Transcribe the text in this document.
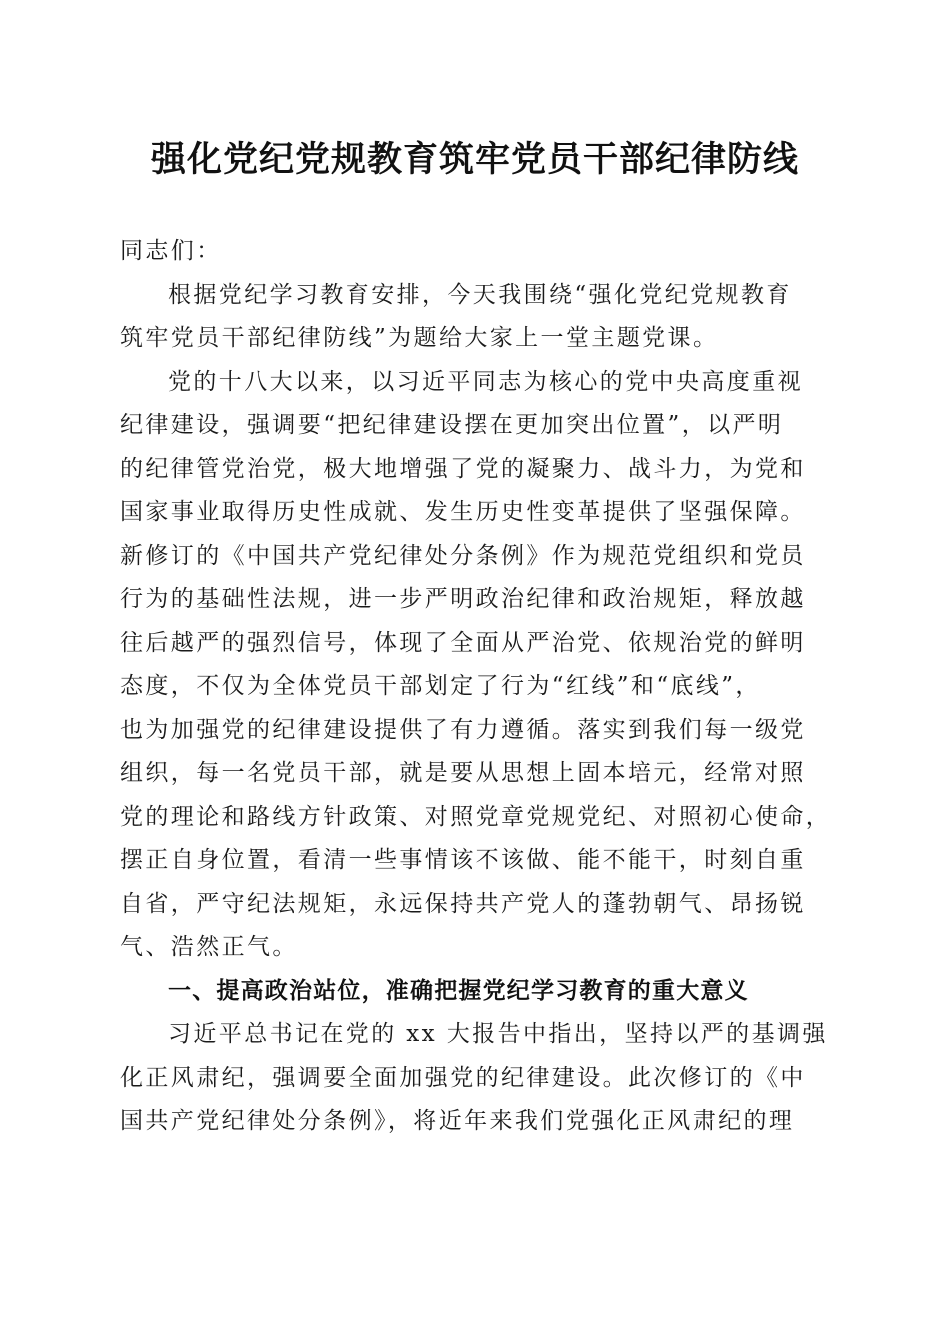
强化党纪党规教育筑牢党员干部纪律防线
同志们：
根据党纪学习教育安排，今天我围绕“强化党纪党规教育
筑牢党员干部纪律防线”为题给大家上一堂主题党课。
党的十八大以来，以习近平同志为核心的党中央高度重视
纪律建设，强调要“把纪律建设摆在更加突出位置”，以严明
的纪律管党治党，极大地增强了党的凝聚力、战斗力，为党和
国家事业取得历史性成就、发生历史性变革提供了坚强保障。
新修订的《中国共产党纪律处分条例》作为规范党组织和党员
行为的基础性法规，进一步严明政治纪律和政治规矩，释放越
往后越严的强烈信号，体现了全面从严治党、依规治党的鲜明
态度，不仅为全体党员干部划定了行为“红线”和“底线”，
也为加强党的纪律建设提供了有力遵循。落实到我们每一级党
组织，每一名党员干部，就是要从思想上固本培元，经常对照
党的理论和路线方针政策、对照党章党规党纪、对照初心使命，
摆正自身位置，看清一些事情该不该做、能不能干，时刻自重
自省，严守纪法规矩，永远保持共产党人的蓬勃朝气、昂扬锐
气、浩然正气。
一、提高政治站位，准确把握党纪学习教育的重大意义
习近平总书记在党的 xx 大报告中指出，坚持以严的基调强
化正风肃纪，强调要全面加强党的纪律建设。此次修订的《中
国共产党纪律处分条例》，将近年来我们党强化正风肃纪的理
